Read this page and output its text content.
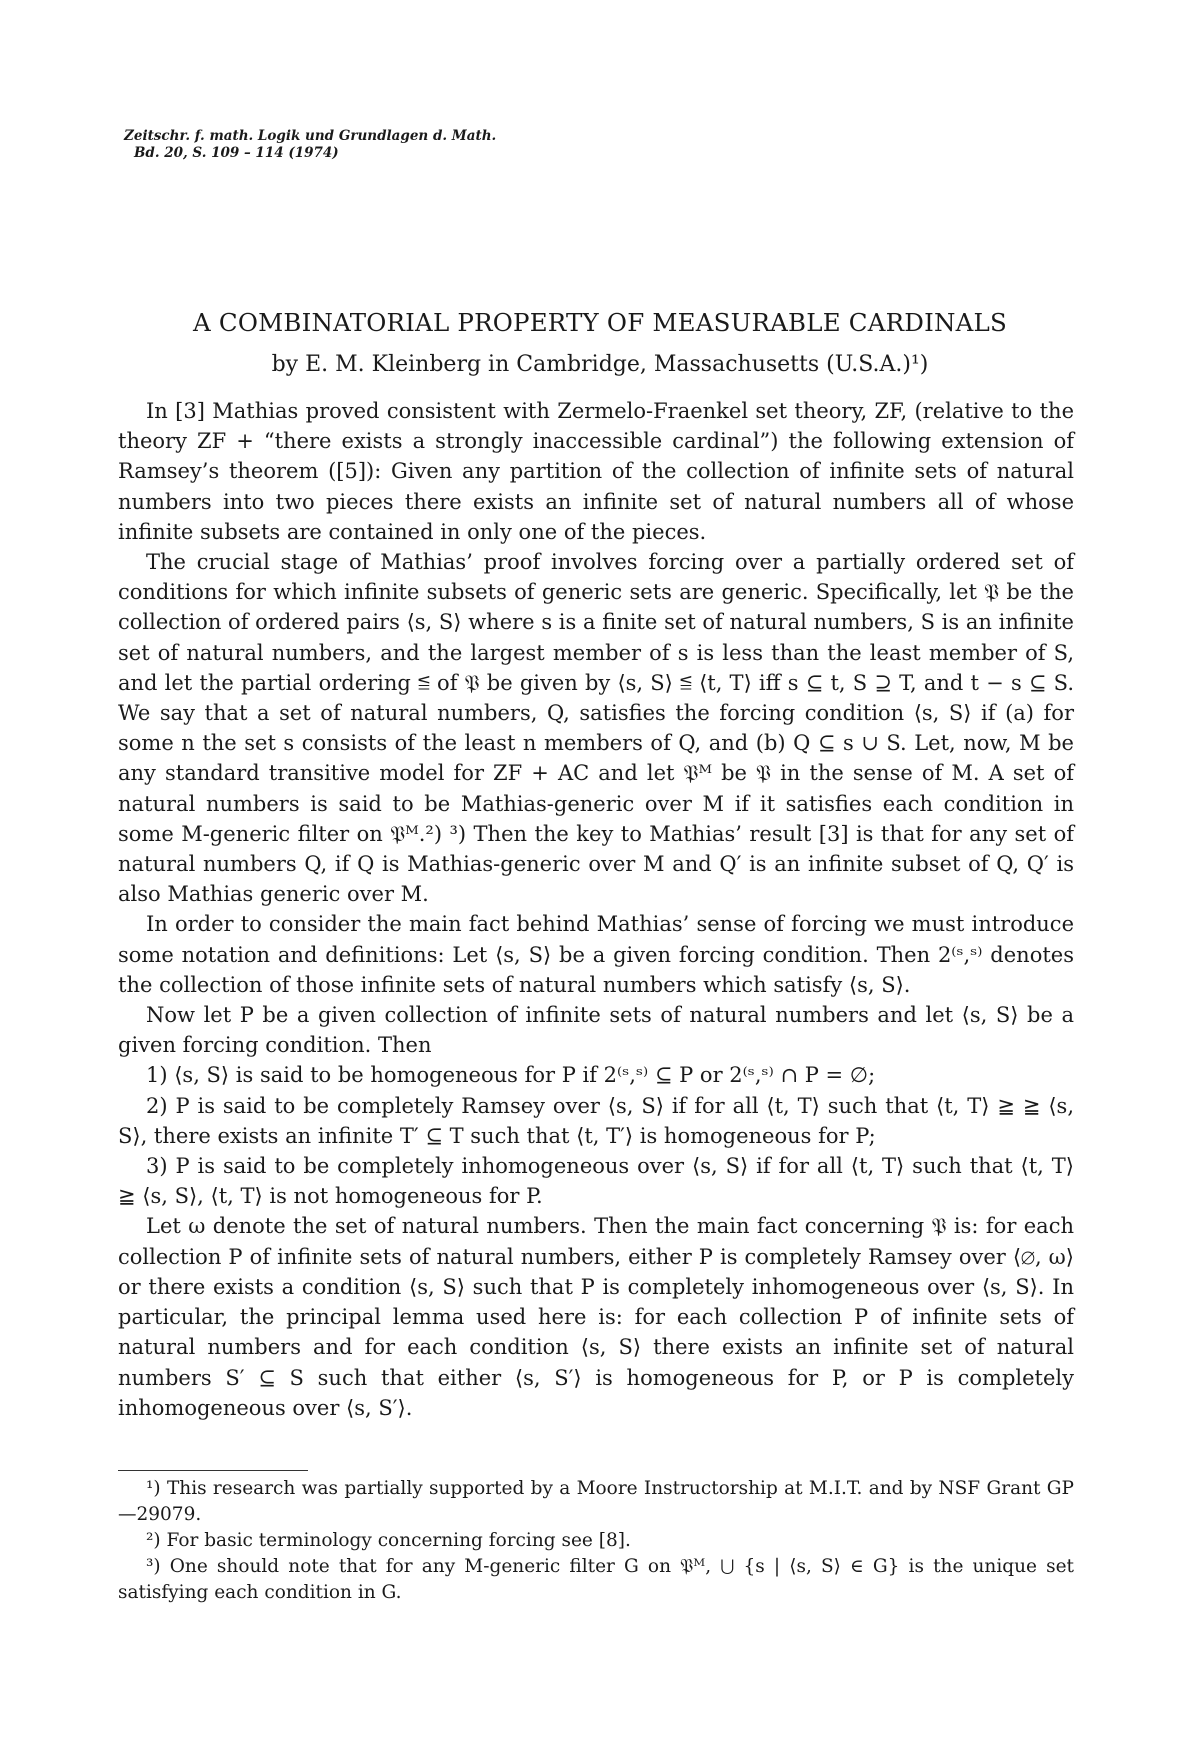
Zeitschr. f. math. Logik und Grundlagen d. Math.
Bd. 20, S. 109 – 114 (1974)
A COMBINATORIAL PROPERTY OF MEASURABLE CARDINALS
by E. M. Kleinberg in Cambridge, Massachusetts (U.S.A.)¹)

In [3] Mathias proved consistent with Zermelo-Fraenkel set theory, ZF, (relative to the theory ZF + “there exists a strongly inaccessible cardinal”) the following extension of Ramsey’s theorem ([5]): Given any partition of the collection of infinite sets of natural numbers into two pieces there exists an infinite set of natural numbers all of whose infinite subsets are contained in only one of the pieces.

The crucial stage of Mathias’ proof involves forcing over a partially ordered set of conditions for which infinite subsets of generic sets are generic. Specifically, let 𝔓 be the collection of ordered pairs ⟨s, S⟩ where s is a finite set of natural numbers, S is an infinite set of natural numbers, and the largest member of s is less than the least member of S, and let the partial ordering ≦ of 𝔓 be given by ⟨s, S⟩ ≦ ⟨t, T⟩ iff s ⊆ t, S ⊇ T, and t − s ⊆ S. We say that a set of natural numbers, Q, satisfies the forcing condition ⟨s, S⟩ if (a) for some n the set s consists of the least n members of Q, and (b) Q ⊆ s ∪ S. Let, now, M be any standard transitive model for ZF + AC and let 𝔓ᴹ be 𝔓 in the sense of M. A set of natural numbers is said to be Mathias-generic over M if it satisfies each condition in some M-generic filter on 𝔓ᴹ.²) ³) Then the key to Mathias’ result [3] is that for any set of natural numbers Q, if Q is Mathias-generic over M and Q′ is an infinite subset of Q, Q′ is also Mathias generic over M.

In order to consider the main fact behind Mathias’ sense of forcing we must introduce some notation and definitions: Let ⟨s, S⟩ be a given forcing condition. Then 2⁽ˢ,ˢ⁾ denotes the collection of those infinite sets of natural numbers which satisfy ⟨s, S⟩.

Now let P be a given collection of infinite sets of natural numbers and let ⟨s, S⟩ be a given forcing condition. Then

1) ⟨s, S⟩ is said to be homogeneous for P if 2⁽ˢ,ˢ⁾ ⊆ P or 2⁽ˢ,ˢ⁾ ∩ P = ∅;

2) P is said to be completely Ramsey over ⟨s, S⟩ if for all ⟨t, T⟩ such that ⟨t, T⟩ ≧ ≧ ⟨s, S⟩, there exists an infinite T′ ⊆ T such that ⟨t, T′⟩ is homogeneous for P;

3) P is said to be completely inhomogeneous over ⟨s, S⟩ if for all ⟨t, T⟩ such that ⟨t, T⟩ ≧ ⟨s, S⟩, ⟨t, T⟩ is not homogeneous for P.

Let ω denote the set of natural numbers. Then the main fact concerning 𝔓 is: for each collection P of infinite sets of natural numbers, either P is completely Ramsey over ⟨∅, ω⟩ or there exists a condition ⟨s, S⟩ such that P is completely inhomogeneous over ⟨s, S⟩. In particular, the principal lemma used here is: for each collection P of infinite sets of natural numbers and for each condition ⟨s, S⟩ there exists an infinite set of natural numbers S′ ⊆ S such that either ⟨s, S′⟩ is homogeneous for P, or P is completely inhomogeneous over ⟨s, S′⟩.

¹) This research was partially supported by a Moore Instructorship at M.I.T. and by NSF Grant GP—29079.

²) For basic terminology concerning forcing see [8].

³) One should note that for any M-generic filter G on 𝔓ᴹ, ⋃ {s | ⟨s, S⟩ ∈ G} is the unique set satisfying each condition in G.
